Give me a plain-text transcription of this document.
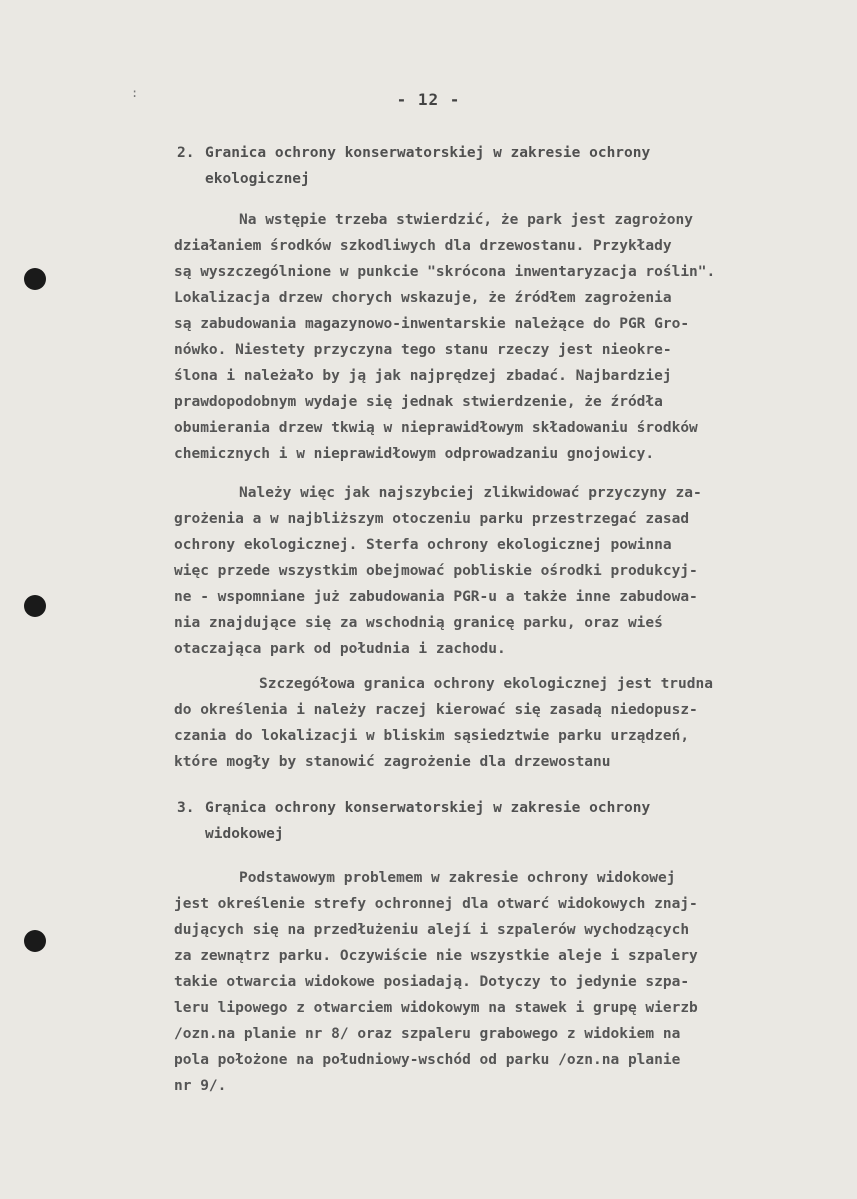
:	- 12 -
2. Granica ochrony konserwatorskiej w zakresie ochrony
ekologicznej
Na wstępie trzeba stwierdzić, że park jest zagrożony
działaniem środków szkodliwych dla drzewostanu. Przykłady
są wyszczególnione w punkcie "skrócona inwentaryzacja roślin".
Lokalizacja drzew chorych wskazuje, że źródłem zagrożenia
są zabudowania magazynowo-inwentarskie należące do PGR Gro-
nówko. Niestety przyczyna tego stanu rzeczy jest nieokre-
ślona i należało by ją jak najprędzej zbadać. Najbardziej
prawdopodobnym wydaje się jednak stwierdzenie, że źródła
obumierania drzew tkwią w nieprawidłowym składowaniu środków
chemicznych i w nieprawidłowym odprowadzaniu gnojowicy.
Należy więc jak najszybciej zlikwidować przyczyny za-
grożenia a w najbliższym otoczeniu parku przestrzegać zasad
ochrony ekologicznej. Sterfa ochrony ekologicznej powinna
więc przede wszystkim obejmować pobliskie ośrodki produkcyj-
ne - wspomniane już zabudowania PGR-u a także inne zabudowa-
nia znajdujące się za wschodnią granicę parku, oraz wieś
otaczająca park od południa i zachodu.
Szczegółowa granica ochrony ekologicznej jest trudna
do określenia i należy raczej kierować się zasadą niedopusz-
czania do lokalizacji w bliskim sąsiedztwie parku urządzeń,
które mogły by stanowić zagrożenie dla drzewostanu
3. Grąnica ochrony konserwatorskiej w zakresie ochrony
widokowej
Podstawowym problemem w zakresie ochrony widokowej
jest określenie strefy ochronnej dla otwarć widokowych znaj-
dujących się na przedłużeniu alejí i szpalerów wychodzących
za zewnątrz parku. Oczywiście nie wszystkie aleje i szpalery
takie otwarcia widokowe posiadają. Dotyczy to jedynie szpa-
leru lipowego z otwarciem widokowym na stawek i grupę wierzb
/ozn.na planie nr 8/ oraz szpaleru grabowego z widokiem na
pola położone na południowy-wschód od parku /ozn.na planie
nr 9/.
